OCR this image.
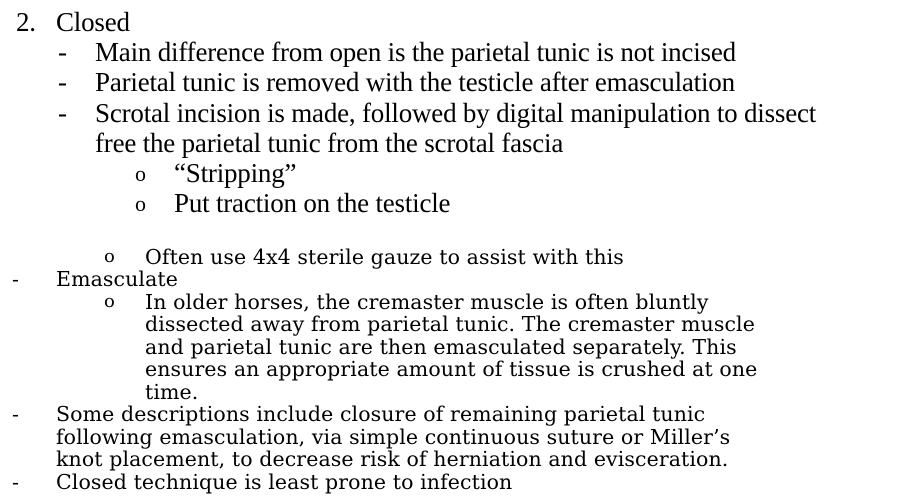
2. Closed
- Main difference from open is the parietal tunic is not incised
- Parietal tunic is removed with the testicle after emasculation
- Scrotal incision is made, followed by digital manipulation to dissect
free the parietal tunic from the scrotal fascia
o “Stripping”
o Put traction on the testicle
o Often use 4x4 sterile gauze to assist with this
- Emasculate
o In older horses, the cremaster muscle is often bluntly
dissected away from parietal tunic. The cremaster muscle
and parietal tunic are then emasculated separately. This
ensures an appropriate amount of tissue is crushed at one
time.
- Some descriptions include closure of remaining parietal tunic
following emasculation, via simple continuous suture or Miller’s
knot placement, to decrease risk of herniation and evisceration.
- Closed technique is least prone to infection
